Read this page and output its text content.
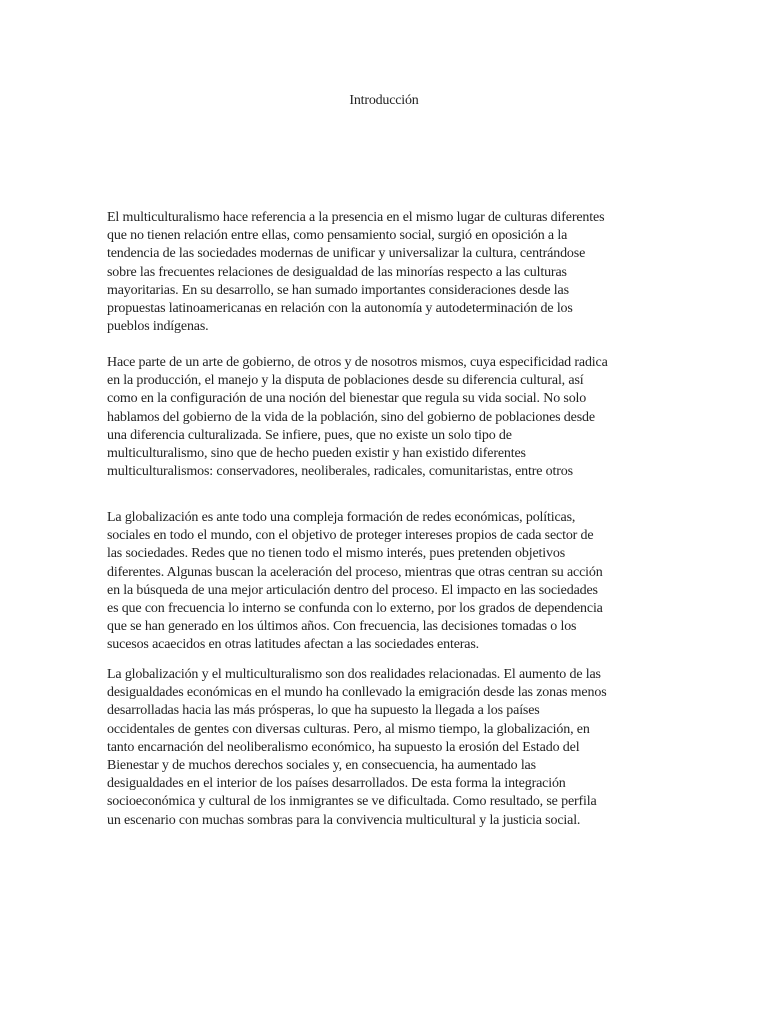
Introducción
El multiculturalismo hace referencia a la presencia en el mismo lugar de culturas diferentes
que no tienen relación entre ellas, como pensamiento social, surgió en oposición a la
tendencia de las sociedades modernas de unificar y universalizar la cultura, centrándose
sobre las frecuentes relaciones de desigualdad de las minorías respecto a las culturas
mayoritarias. En su desarrollo, se han sumado importantes consideraciones desde las
propuestas latinoamericanas en relación con la autonomía y autodeterminación de los
pueblos indígenas.
Hace parte de un arte de gobierno, de otros y de nosotros mismos, cuya especificidad radica
en la producción, el manejo y la disputa de poblaciones desde su diferencia cultural, así
como en la configuración de una noción del bienestar que regula su vida social. No solo
hablamos del gobierno de la vida de la población, sino del gobierno de poblaciones desde
una diferencia culturalizada. Se infiere, pues, que no existe un solo tipo de
multiculturalismo, sino que de hecho pueden existir y han existido diferentes
multiculturalismos: conservadores, neoliberales, radicales, comunitaristas, entre otros
La globalización es ante todo una compleja formación de redes económicas, políticas,
sociales en todo el mundo, con el objetivo de proteger intereses propios de cada sector de
las sociedades. Redes que no tienen todo el mismo interés, pues pretenden objetivos
diferentes. Algunas buscan la aceleración del proceso, mientras que otras centran su acción
en la búsqueda de una mejor articulación dentro del proceso. El impacto en las sociedades
es que con frecuencia lo interno se confunda con lo externo, por los grados de dependencia
que se han generado en los últimos años. Con frecuencia, las decisiones tomadas o los
sucesos acaecidos en otras latitudes afectan a las sociedades enteras.
La globalización y el multiculturalismo son dos realidades relacionadas. El aumento de las
desigualdades económicas en el mundo ha conllevado la emigración desde las zonas menos
desarrolladas hacia las más prósperas, lo que ha supuesto la llegada a los países
occidentales de gentes con diversas culturas. Pero, al mismo tiempo, la globalización, en
tanto encarnación del neoliberalismo económico, ha supuesto la erosión del Estado del
Bienestar y de muchos derechos sociales y, en consecuencia, ha aumentado las
desigualdades en el interior de los países desarrollados. De esta forma la integración
socioeconómica y cultural de los inmigrantes se ve dificultada. Como resultado, se perfila
un escenario con muchas sombras para la convivencia multicultural y la justicia social.
